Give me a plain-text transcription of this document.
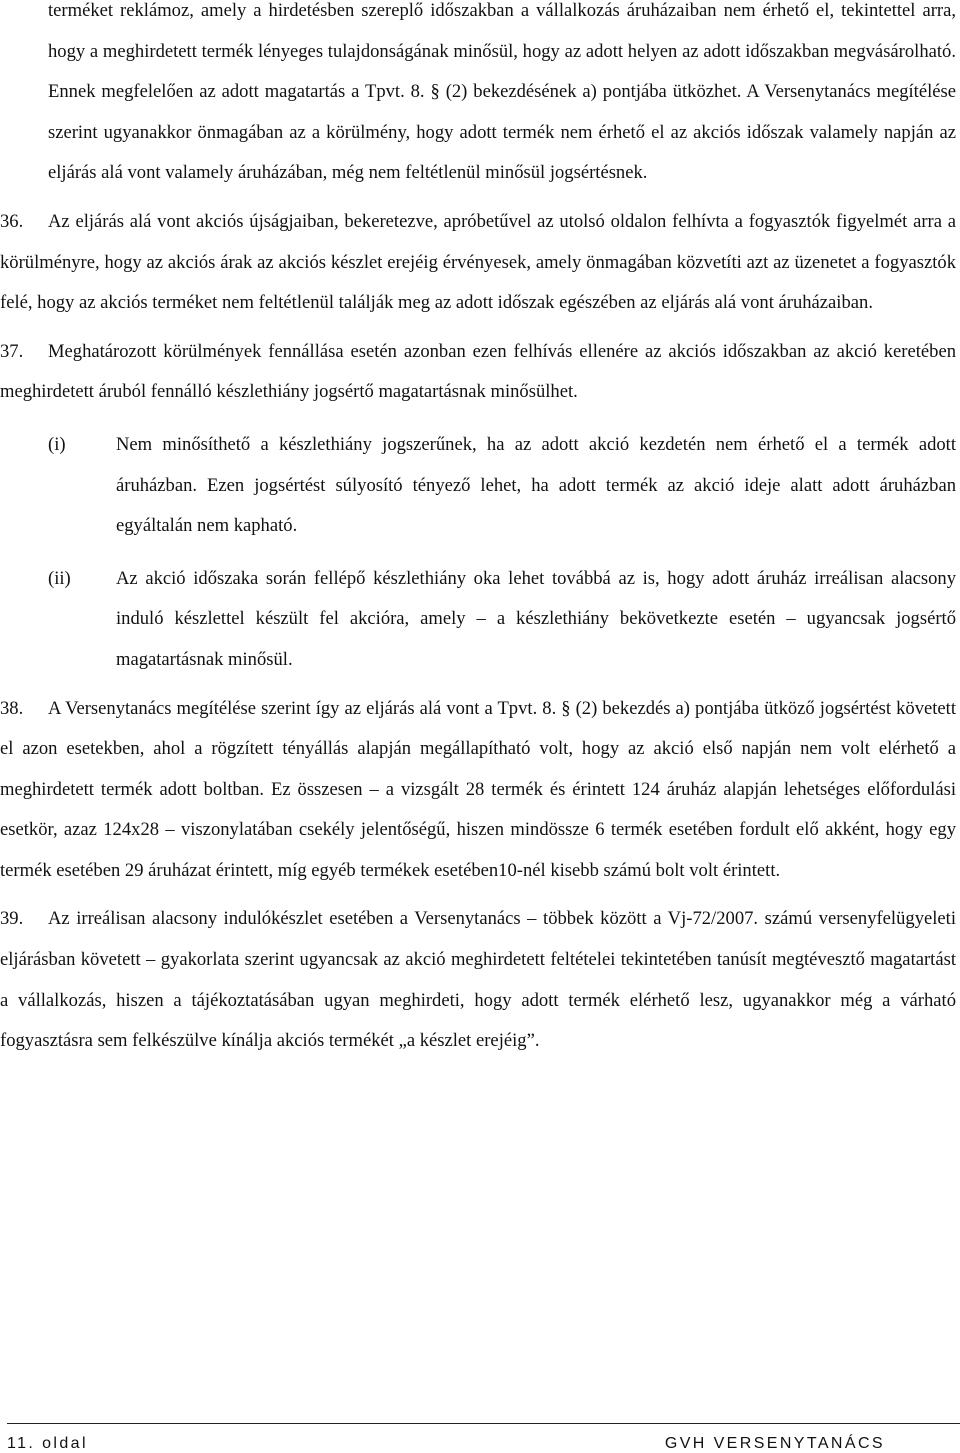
terméket reklámoz, amely a hirdetésben szereplő időszakban a vállalkozás áruházaiban nem érhető el, tekintettel arra, hogy a meghirdetett termék lényeges tulajdonságának minősül, hogy az adott helyen az adott időszakban megvásárolható. Ennek megfelelően az adott magatartás a Tpvt. 8. § (2) bekezdésének a) pontjába ütközhet. A Versenytanács megítélése szerint ugyanakkor önmagában az a körülmény, hogy adott termék nem érhető el az akciós időszak valamely napján az eljárás alá vont valamely áruházában, még nem feltétlenül minősül jogsértésnek.

36.	Az eljárás alá vont akciós újságjaiban, bekeretezve, apróbetűvel az utolsó oldalon felhívta a fogyasztók figyelmét arra a körülményre, hogy az akciós árak az akciós készlet erejéig érvényesek, amely önmagában közvetíti azt az üzenetet a fogyasztók felé, hogy az akciós terméket nem feltétlenül találják meg az adott időszak egészében az eljárás alá vont áruházaiban.
37.	Meghatározott körülmények fennállása esetén azonban ezen felhívás ellenére az akciós időszakban az akció keretében meghirdetett áruból fennálló készlethiány jogsértő magatartásnak minősülhet.
(i)	Nem minősíthető a készlethiány jogszerűnek, ha az adott akció kezdetén nem érhető el a termék adott áruházban. Ezen jogsértést súlyosító tényező lehet, ha adott termék az akció ideje alatt adott áruházban egyáltalán nem kapható.
(ii) Az akció időszaka során fellépő készlethiány oka lehet továbbá az is, hogy adott áruház irreálisan alacsony induló készlettel készült fel akcióra, amely – a készlethiány bekövetkezte esetén – ugyancsak jogsértő magatartásnak minősül.
38.	A Versenytanács megítélése szerint így az eljárás alá vont a Tpvt. 8. § (2) bekezdés a) pontjába ütköző jogsértést követett el azon esetekben, ahol a rögzített tényállás alapján megállapítható volt, hogy az akció első napján nem volt elérhető a meghirdetett termék adott boltban. Ez összesen – a vizsgált 28 termék és érintett 124 áruház alapján lehetséges előfordulási esetkör, azaz 124x28 – viszonylatában csekély jelentőségű, hiszen mindössze 6 termék esetében fordult elő akként, hogy egy termék esetében 29 áruházat érintett, míg egyéb termékek esetében10-nél kisebb számú bolt volt érintett.
39.	Az irreálisan alacsony indulókészlet esetében a Versenytanács – többek között a Vj-72/2007. számú versenyfelügyeleti eljárásban követett – gyakorlata szerint ugyancsak az akció meghirdetett feltételei tekintetében tanúsít megtévesztő magatartást a vállalkozás, hiszen a tájékoztatásában ugyan meghirdeti, hogy adott termék elérhető lesz, ugyanakkor még a várható fogyasztásra sem felkészülve kínálja akciós termékét „a készlet erejéig”.
11. oldal	GVH VERSENYTANÁCS
